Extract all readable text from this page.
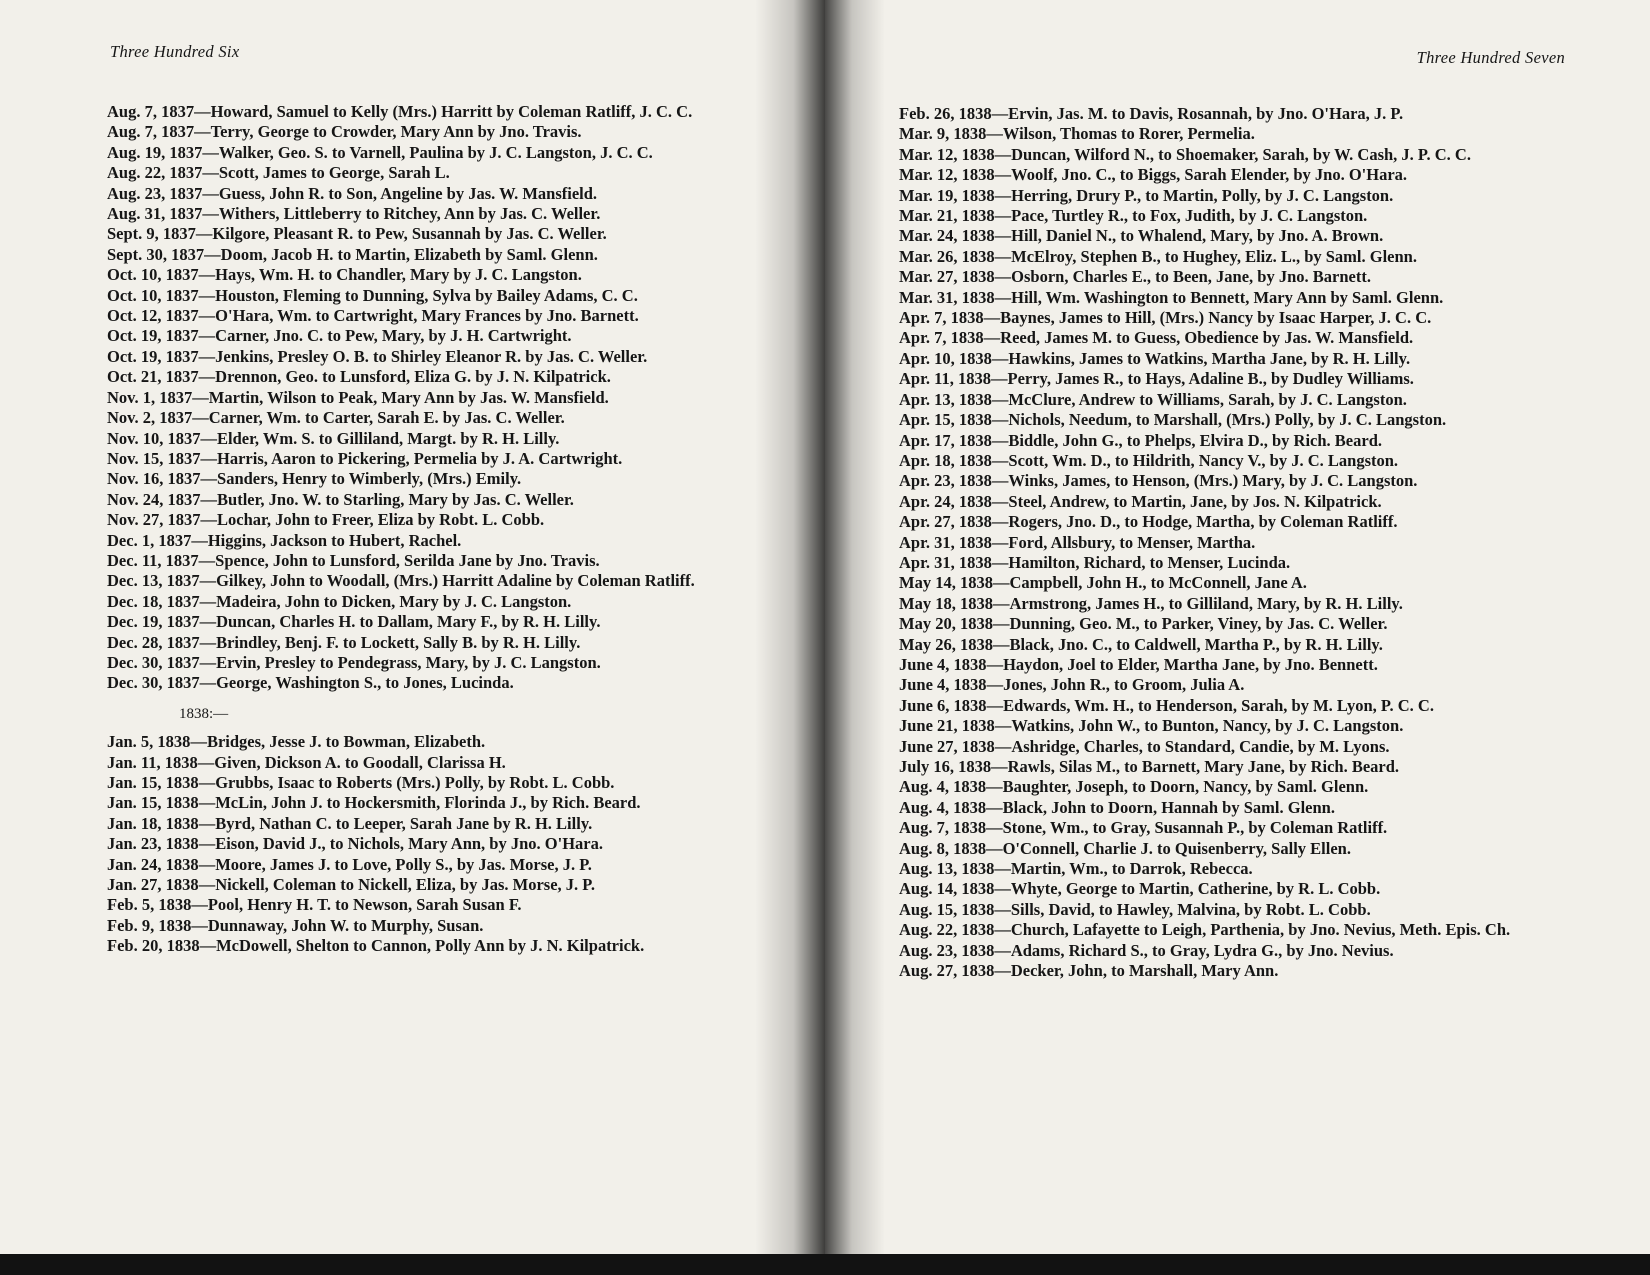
Three Hundred Six
Aug. 7, 1837—Howard, Samuel to Kelly (Mrs.) Harritt by Coleman Ratliff, J. C. C.
Aug. 7, 1837—Terry, George to Crowder, Mary Ann by Jno. Travis.
Aug. 19, 1837—Walker, Geo. S. to Varnell, Paulina by J. C. Langston, J. C. C.
Aug. 22, 1837—Scott, James to George, Sarah L.
Aug. 23, 1837—Guess, John R. to Son, Angeline by Jas. W. Mansfield.
Aug. 31, 1837—Withers, Littleberry to Ritchey, Ann by Jas. C. Weller.
Sept. 9, 1837—Kilgore, Pleasant R. to Pew, Susannah by Jas. C. Weller.
Sept. 30, 1837—Doom, Jacob H. to Martin, Elizabeth by Saml. Glenn.
Oct. 10, 1837—Hays, Wm. H. to Chandler, Mary by J. C. Langston.
Oct. 10, 1837—Houston, Fleming to Dunning, Sylva by Bailey Adams, C. C.
Oct. 12, 1837—O'Hara, Wm. to Cartwright, Mary Frances by Jno. Barnett.
Oct. 19, 1837—Carner, Jno. C. to Pew, Mary, by J. H. Cartwright.
Oct. 19, 1837—Jenkins, Presley O. B. to Shirley Eleanor R. by Jas. C. Weller.
Oct. 21, 1837—Drennon, Geo. to Lunsford, Eliza G. by J. N. Kilpatrick.
Nov. 1, 1837—Martin, Wilson to Peak, Mary Ann by Jas. W. Mansfield.
Nov. 2, 1837—Carner, Wm. to Carter, Sarah E. by Jas. C. Weller.
Nov. 10, 1837—Elder, Wm. S. to Gilliland, Margt. by R. H. Lilly.
Nov. 15, 1837—Harris, Aaron to Pickering, Permelia by J. A. Cartwright.
Nov. 16, 1837—Sanders, Henry to Wimberly, (Mrs.) Emily.
Nov. 24, 1837—Butler, Jno. W. to Starling, Mary by Jas. C. Weller.
Nov. 27, 1837—Lochar, John to Freer, Eliza by Robt. L. Cobb.
Dec. 1, 1837—Higgins, Jackson to Hubert, Rachel.
Dec. 11, 1837—Spence, John to Lunsford, Serilda Jane by Jno. Travis.
Dec. 13, 1837—Gilkey, John to Woodall, (Mrs.) Harritt Adaline by Coleman Ratliff.
Dec. 18, 1837—Madeira, John to Dicken, Mary by J. C. Langston.
Dec. 19, 1837—Duncan, Charles H. to Dallam, Mary F., by R. H. Lilly.
Dec. 28, 1837—Brindley, Benj. F. to Lockett, Sally B. by R. H. Lilly.
Dec. 30, 1837—Ervin, Presley to Pendegrass, Mary, by J. C. Langston.
Dec. 30, 1837—George, Washington S., to Jones, Lucinda.
1838:—
Jan. 5, 1838—Bridges, Jesse J. to Bowman, Elizabeth.
Jan. 11, 1838—Given, Dickson A. to Goodall, Clarissa H.
Jan. 15, 1838—Grubbs, Isaac to Roberts (Mrs.) Polly, by Robt. L. Cobb.
Jan. 15, 1838—McLin, John J. to Hockersmith, Florinda J., by Rich. Beard.
Jan. 18, 1838—Byrd, Nathan C. to Leeper, Sarah Jane by R. H. Lilly.
Jan. 23, 1838—Eison, David J., to Nichols, Mary Ann, by Jno. O'Hara.
Jan. 24, 1838—Moore, James J. to Love, Polly S., by Jas. Morse, J. P.
Jan. 27, 1838—Nickell, Coleman to Nickell, Eliza, by Jas. Morse, J. P.
Feb. 5, 1838—Pool, Henry H. T. to Newson, Sarah Susan F.
Feb. 9, 1838—Dunnaway, John W. to Murphy, Susan.
Feb. 20, 1838—McDowell, Shelton to Cannon, Polly Ann by J. N. Kilpatrick.
Three Hundred Seven
Feb. 26, 1838—Ervin, Jas. M. to Davis, Rosannah, by Jno. O'Hara, J. P.
Mar. 9, 1838—Wilson, Thomas to Rorer, Permelia.
Mar. 12, 1838—Duncan, Wilford N., to Shoemaker, Sarah, by W. Cash, J. P. C. C.
Mar. 12, 1838—Woolf, Jno. C., to Biggs, Sarah Elender, by Jno. O'Hara.
Mar. 19, 1838—Herring, Drury P., to Martin, Polly, by J. C. Langston.
Mar. 21, 1838—Pace, Turtley R., to Fox, Judith, by J. C. Langston.
Mar. 24, 1838—Hill, Daniel N., to Whalend, Mary, by Jno. A. Brown.
Mar. 26, 1838—McElroy, Stephen B., to Hughey, Eliz. L., by Saml. Glenn.
Mar. 27, 1838—Osborn, Charles E., to Been, Jane, by Jno. Barnett.
Mar. 31, 1838—Hill, Wm. Washington to Bennett, Mary Ann by Saml. Glenn.
Apr. 7, 1838—Baynes, James to Hill, (Mrs.) Nancy by Isaac Harper, J. C. C.
Apr. 7, 1838—Reed, James M. to Guess, Obedience by Jas. W. Mansfield.
Apr. 10, 1838—Hawkins, James to Watkins, Martha Jane, by R. H. Lilly.
Apr. 11, 1838—Perry, James R., to Hays, Adaline B., by Dudley Williams.
Apr. 13, 1838—McClure, Andrew to Williams, Sarah, by J. C. Langston.
Apr. 15, 1838—Nichols, Needum, to Marshall, (Mrs.) Polly, by J. C. Langston.
Apr. 17, 1838—Biddle, John G., to Phelps, Elvira D., by Rich. Beard.
Apr. 18, 1838—Scott, Wm. D., to Hildrith, Nancy V., by J. C. Langston.
Apr. 23, 1838—Winks, James, to Henson, (Mrs.) Mary, by J. C. Langston.
Apr. 24, 1838—Steel, Andrew, to Martin, Jane, by Jos. N. Kilpatrick.
Apr. 27, 1838—Rogers, Jno. D., to Hodge, Martha, by Coleman Ratliff.
Apr. 31, 1838—Ford, Allsbury, to Menser, Martha.
Apr. 31, 1838—Hamilton, Richard, to Menser, Lucinda.
May 14, 1838—Campbell, John H., to McConnell, Jane A.
May 18, 1838—Armstrong, James H., to Gilliland, Mary, by R. H. Lilly.
May 20, 1838—Dunning, Geo. M., to Parker, Viney, by Jas. C. Weller.
May 26, 1838—Black, Jno. C., to Caldwell, Martha P., by R. H. Lilly.
June 4, 1838—Haydon, Joel to Elder, Martha Jane, by Jno. Bennett.
June 4, 1838—Jones, John R., to Groom, Julia A.
June 6, 1838—Edwards, Wm. H., to Henderson, Sarah, by M. Lyon, P. C. C.
June 21, 1838—Watkins, John W., to Bunton, Nancy, by J. C. Langston.
June 27, 1838—Ashridge, Charles, to Standard, Candie, by M. Lyons.
July 16, 1838—Rawls, Silas M., to Barnett, Mary Jane, by Rich. Beard.
Aug. 4, 1838—Baughter, Joseph, to Doorn, Nancy, by Saml. Glenn.
Aug. 4, 1838—Black, John to Doorn, Hannah by Saml. Glenn.
Aug. 7, 1838—Stone, Wm., to Gray, Susannah P., by Coleman Ratliff.
Aug. 8, 1838—O'Connell, Charlie J. to Quisenberry, Sally Ellen.
Aug. 13, 1838—Martin, Wm., to Darrok, Rebecca.
Aug. 14, 1838—Whyte, George to Martin, Catherine, by R. L. Cobb.
Aug. 15, 1838—Sills, David, to Hawley, Malvina, by Robt. L. Cobb.
Aug. 22, 1838—Church, Lafayette to Leigh, Parthenia, by Jno. Nevius, Meth. Epis. Ch.
Aug. 23, 1838—Adams, Richard S., to Gray, Lydra G., by Jno. Nevius.
Aug. 27, 1838—Decker, John, to Marshall, Mary Ann.
